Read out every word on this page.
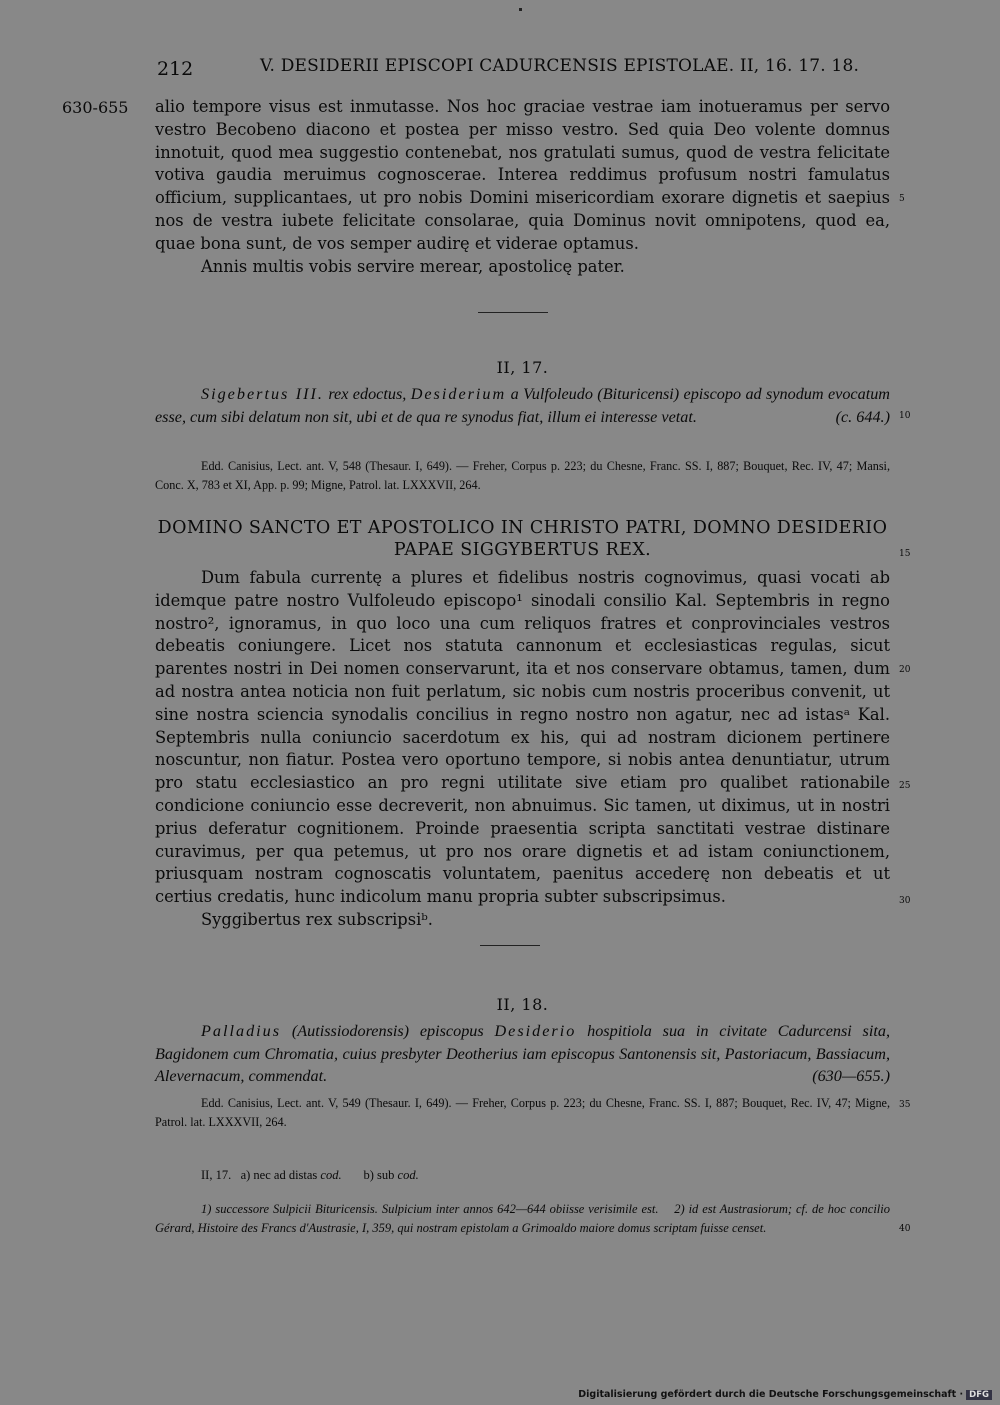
212	V. DESIDERII EPISCOPI CADURCENSIS EPISTOLAE. II, 16. 17. 18.
630-655 alio tempore visus est inmutasse. Nos hoc graciae vestrae iam inotueramus per servo vestro Becobeno diacono et postea per misso vestro. Sed quia Deo volente domnus innotuit, quod mea suggestio contenebat, nos gratulati sumus, quod de vestra felicitate votiva gaudia meruimus cognoscerae. Interea reddimus profusum nostri famulatus officium, supplicantaes, ut pro nobis Domini misericordiam exorare dignetis et saepius nos de vestra iubete felicitate consolarae, quia Dominus novit omnipotens, quod ea, quae bona sunt, de vos semper audirę et viderae optamus.

Annis multis vobis servire merear, apostolicę pater.

II, 17.
Sigebertus III. rex edoctus, Desiderium a Vulfoleudo (Bituricensi) episcopo ad synodum evocatum esse, cum sibi delatum non sit, ubi et de qua re synodus fiat, illum ei interesse vetat.	(c. 644.)
Edd. Canisius, Lect. ant. V, 548 (Thesaur. I, 649). — Freher, Corpus p. 223; du Chesne, Franc. SS. I, 887; Bouquet, Rec. IV, 47; Mansi, Conc. X, 783 et XI, App. p. 99; Migne, Patrol. lat. LXXXVII, 264.
DOMINO SANCTO ET APOSTOLICO IN CHRISTO PATRI, DOMNO DESIDERIO
PAPAE SIGGYBERTUS REX.

Dum fabula currentę a plures et fidelibus nostris cognovimus, quasi vocati ab idemque patre nostro Vulfoleudo episcopo¹ sinodali consilio Kal. Septembris in regno nostro², ignoramus, in quo loco una cum reliquos fratres et conprovinciales vestros debeatis coniungere. Licet nos statuta cannonum et ecclesiasticas regulas, sicut parentes nostri in Dei nomen conservarunt, ita et nos conservare obtamus, tamen, dum ad nostra antea noticia non fuit perlatum, sic nobis cum nostris proceribus convenit, ut sine nostra sciencia synodalis concilius in regno nostro non agatur, nec ad istasᵃ Kal. Septembris nulla coniuncio sacerdotum ex his, qui ad nostram dicionem pertinere noscuntur, non fiatur. Postea vero oportuno tempore, si nobis antea denuntiatur, utrum pro statu ecclesiastico an pro regni utilitate sive etiam pro qualibet rationabile condicione coniuncio esse decreverit, non abnuimus. Sic tamen, ut diximus, ut in nostri prius deferatur cognitionem. Proinde praesentia scripta sanctitati vestrae distinare curavimus, per qua petemus, ut pro nos orare dignetis et ad istam coniunctionem, priusquam nostram cognoscatis voluntatem, paenitus accederę non debeatis et ut certius credatis, hunc indicolum manu propria subter subscripsimus.

Syggibertus rex subscripsiᵇ.

II, 18.
Palladius (Autissiodorensis) episcopus Desiderio hospitiola sua in civitate Cadurcensi sita, Bagidonem cum Chromatia, cuius presbyter Deotherius iam episcopus Santonensis sit, Pastoriacum, Bassiacum, Alevernacum, commendat.	(630—655.)
Edd. Canisius, Lect. ant. V, 549 (Thesaur. I, 649). — Freher, Corpus p. 223; du Chesne, Franc. SS. I, 887; Bouquet, Rec. IV, 47; Migne, Patrol. lat. LXXXVII, 264.
II, 17. a) nec ad distas cod. b) sub cod.
1) successore Sulpicii Bituricensis. Sulpicium inter annos 642—644 obiisse verisimile est. 2) id est Austrasiorum; cf. de hoc concilio Gérard, Histoire des Francs d'Austrasie, I, 359, qui nostram epistolam a Grimoaldo maiore domus scriptam fuisse censet.
5
10
15
20
25
30
35
40
Digitalisierung gefördert durch die Deutsche Forschungsgemeinschaft · DFG
